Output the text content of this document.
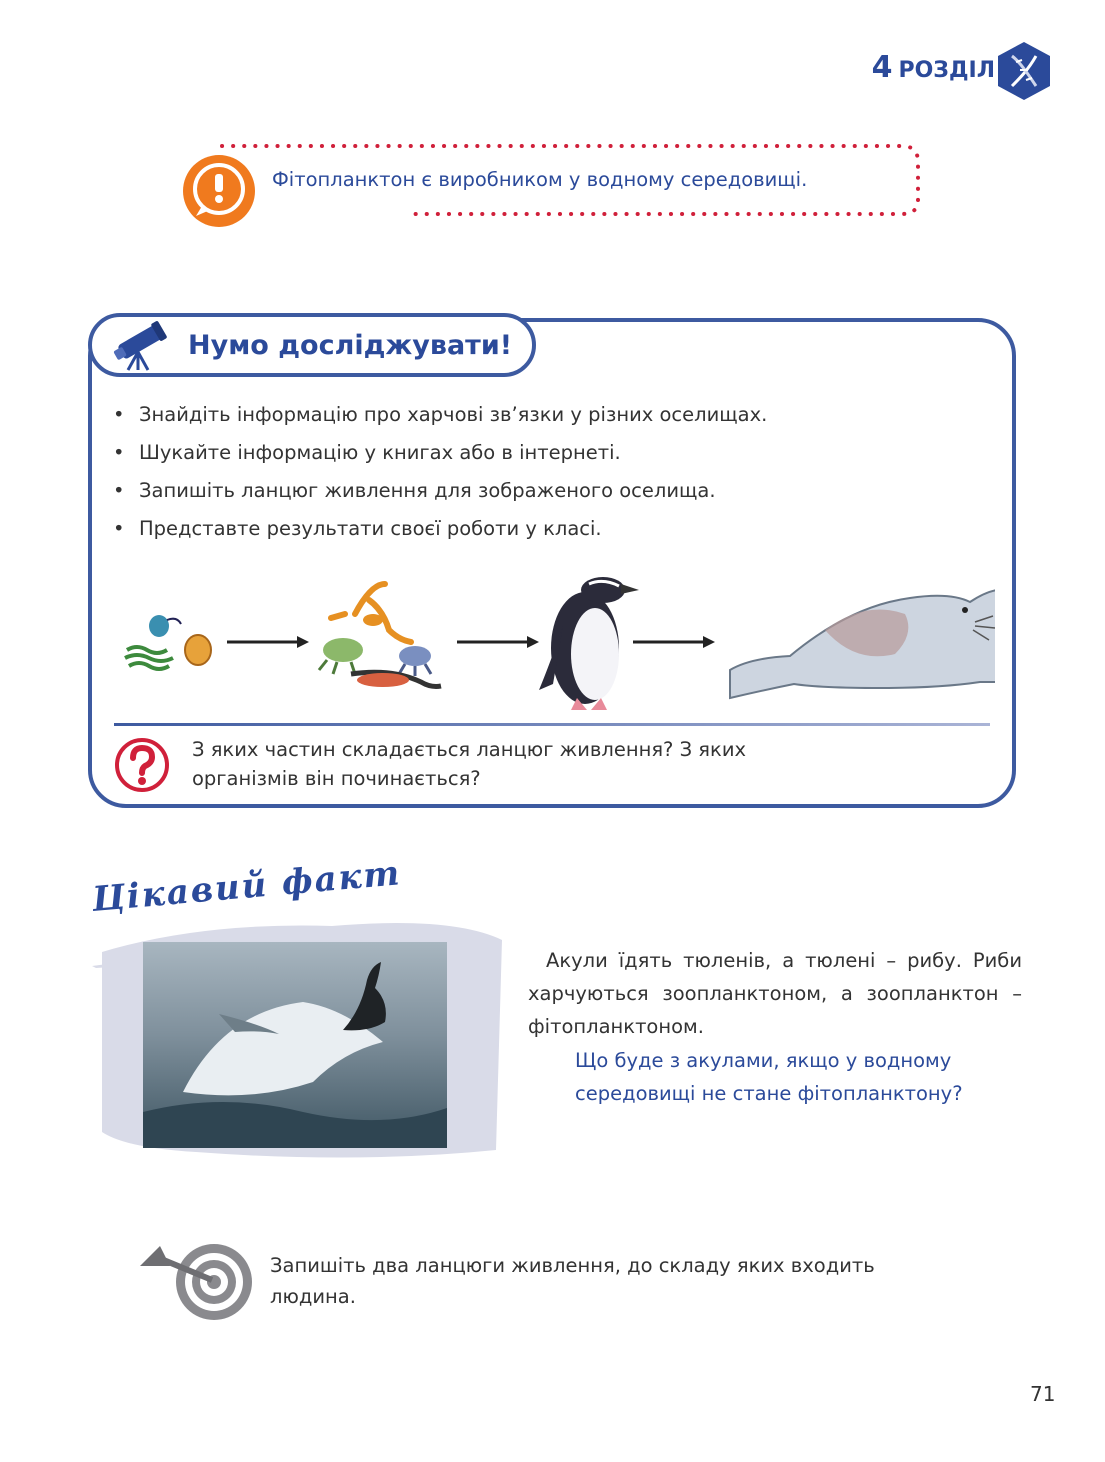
4 РОЗДІЛ
Фітопланктон є виробником у водному середовищі.
Нумо досліджувати!
• Знайдіть інформацію про харчові зв’язки у різних оселищах.
• Шукайте інформацію у книгах або в інтернеті.
• Запишіть ланцюг живлення для зображеного оселища.
• Представте результати своєї роботи у класі.
З яких частин складається ланцюг живлення? З яких організмів він починається?
Цікавий факт
Акули їдять тюленів, а тюлені – рибу. Риби харчуються зоопланктоном, а зоопланктон – фітопланктоном.
Що буде з акулами, якщо у водному середовищі не стане фітопланктону?
Запишіть два ланцюги живлення, до складу яких входить людина.
71
